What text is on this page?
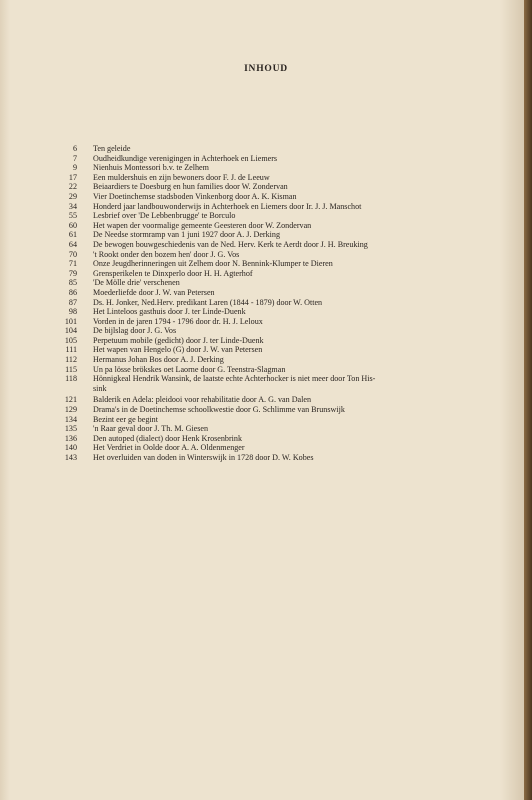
INHOUD
6	Ten geleide
7	Oudheidkundige verenigingen in Achterhoek en Liemers
9	Nienhuis Montessori b.v. te Zelhem
17	Een muldershuis en zijn bewoners door F. J. de Leeuw
22	Beiaardiers te Doesburg en hun families door W. Zondervan
29	Vier Doetinchemse stadsboden Vinkenborg door A. K. Kisman
34	Honderd jaar landbouwonderwijs in Achterhoek en Liemers door Ir. J. J. Manschot
55	Lesbrief over 'De Lebbenbrugge' te Borculo
60	Het wapen der voormalige gemeente Geesteren door W. Zondervan
61	De Needse stormramp van 1 juni 1927 door A. J. Derking
64	De bewogen bouwgeschiedenis van de Ned. Herv. Kerk te Aerdt door J. H. Breuking
70	't Rookt onder den bozem hen' door J. G. Vos
71	Onze Jeugdherinneringen uit Zelhem door N. Bennink-Klumper te Dieren
79	Grensperikelen te Dinxperlo door H. H. Agterhof
85	'De Mölle drie' verschenen
86	Moederliefde door J. W. van Petersen
87	Ds. H. Jonker, Ned.Herv. predikant Laren (1844 - 1879) door W. Otten
98	Het Linteloos gasthuis door J. ter Linde-Duenk
101	Vorden in de jaren 1794 - 1796 door dr. H. J. Leloux
104	De bijlslag door J. G. Vos
105	Perpetuum mobile (gedicht) door J. ter Linde-Duenk
111	Het wapen van Hengelo (G) door J. W. van Petersen
112	Hermanus Johan Bos door A. J. Derking
115	Un pa lösse brökskes oet Laorne door G. Teenstra-Slagman
118	Hönnigkeal Hendrik Wansink, de laatste echte Achterhocker is niet meer door Ton His-
sink
121	Balderik en Adela: pleidooi voor rehabilitatie door A. G. van Dalen
129	Drama's in de Doetinchemse schoolkwestie door G. Schlimme van Brunswijk
134	Bezint eer ge begint
135	'n Raar geval door J. Th. M. Giesen
136	Den autoped (dialect) door Henk Krosenbrink
140	Het Verdriet in Oolde door A. A. Oldenmenger
143	Het overluiden van doden in Winterswijk in 1728 door D. W. Kobes
